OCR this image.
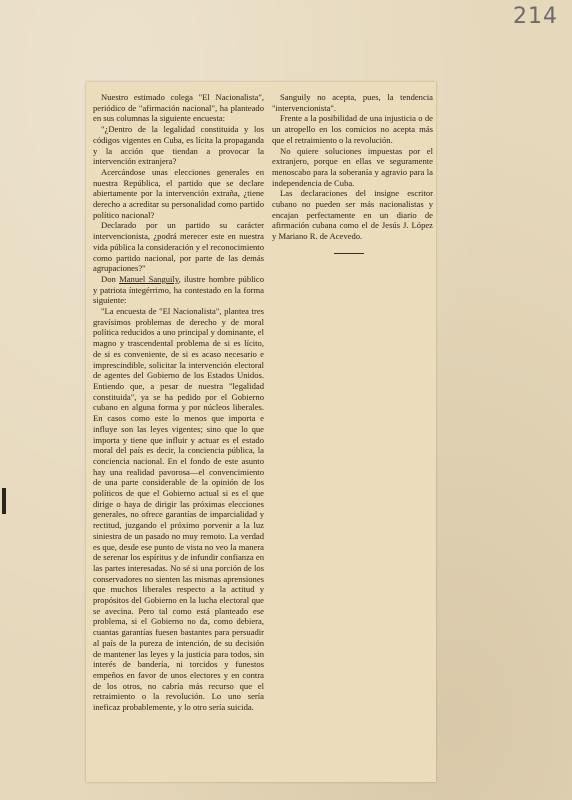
214

Nuestro estimado colega "El Nacionalista", periódico de "afirmación nacional", ha planteado en sus columnas la siguiente encuesta:

"¿Dentro de la legalidad constituida y los códigos vigentes en Cuba, es lícita la propaganda y la acción que tiendan a provocar la intervención extranjera?

Acercándose unas elecciones generales en nuestra República, el partido que se declare abiertamente por la intervención extraña, ¿tiene derecho a acreditar su personalidad como partido político nacional?

Declarado por un partido su carácter intervencionista, ¿podrá merecer este en nuestra vida pública la consideración y el reconocimiento como partido nacional, por parte de las demás agrupaciones?"

Don Manuel Sanguily, ilustre hombre público y patriota íntegérrimo, ha contestado en la forma siguiente:

"La encuesta de "El Nacionalista", plantea tres gravísimos problemas de derecho y de moral política reducidos a uno principal y dominante, el magno y trascendental problema de si es lícito, de si es conveniente, de si es acaso necesario e imprescindible, solicitar la intervención electoral de agentes del Gobierno de los Estados Unidos. Entiendo que, a pesar de nuestra "legalidad constituida", ya se ha pedido por el Gobierno cubano en alguna forma y por núcleos liberales. En casos como este lo menos que importa e influye son las leyes vigentes; sino que lo que importa y tiene que influir y actuar es el estado moral del país es decir, la conciencia pública, la conciencia nacional. En el fondo de este asunto hay una realidad pavorosa—el convencimiento de una parte considerable de la opinión de los políticos de que el Gobierno actual si es el que dirige o haya de dirigir las próximas elecciones generales, no ofrece garantías de imparcialidad y rectitud, juzgando el próximo porvenir a la luz siniestra de un pasado no muy remoto. La verdad es que, desde ese punto de vista no veo la manera de serenar los espíritus y de infundir confianza en las partes interesadas. No sé si una porción de los conservadores no sienten las mismas aprensiones que muchos liberales respecto a la actitud y propósitos del Gobierno en la lucha electoral que se avecina. Pero tal como está planteado ese problema, si el Gobierno no da, como debiera, cuantas garantías fuesen bastantes para persuadir al país de la pureza de intención, de su decisión de mantener las leyes y la justicia para todos, sin interés de bandería, ni torcidos y funestos empeños en favor de unos electores y en contra de los otros, no cabría más recurso que el retraimiento o la revolución. Lo uno sería ineficaz probablemente, y lo otro sería suicida.

Sanguily no acepta, pues, la tendencia "intervencionista".

Frente a la posibilidad de una injusticia o de un atropello en los comicios no acepta más que el retraimiento o la revolución.

No quiere soluciones impuestas por el extranjero, porque en ellas ve seguramente menoscabo para la soberanía y agravio para la independencia de Cuba.

Las declaraciones del insigne escritor cubano no pueden ser más nacionalistas y encajan perfectamente en un diario de afirmación cubana como el de Jesús J. López y Mariano R. de Acevedo.
